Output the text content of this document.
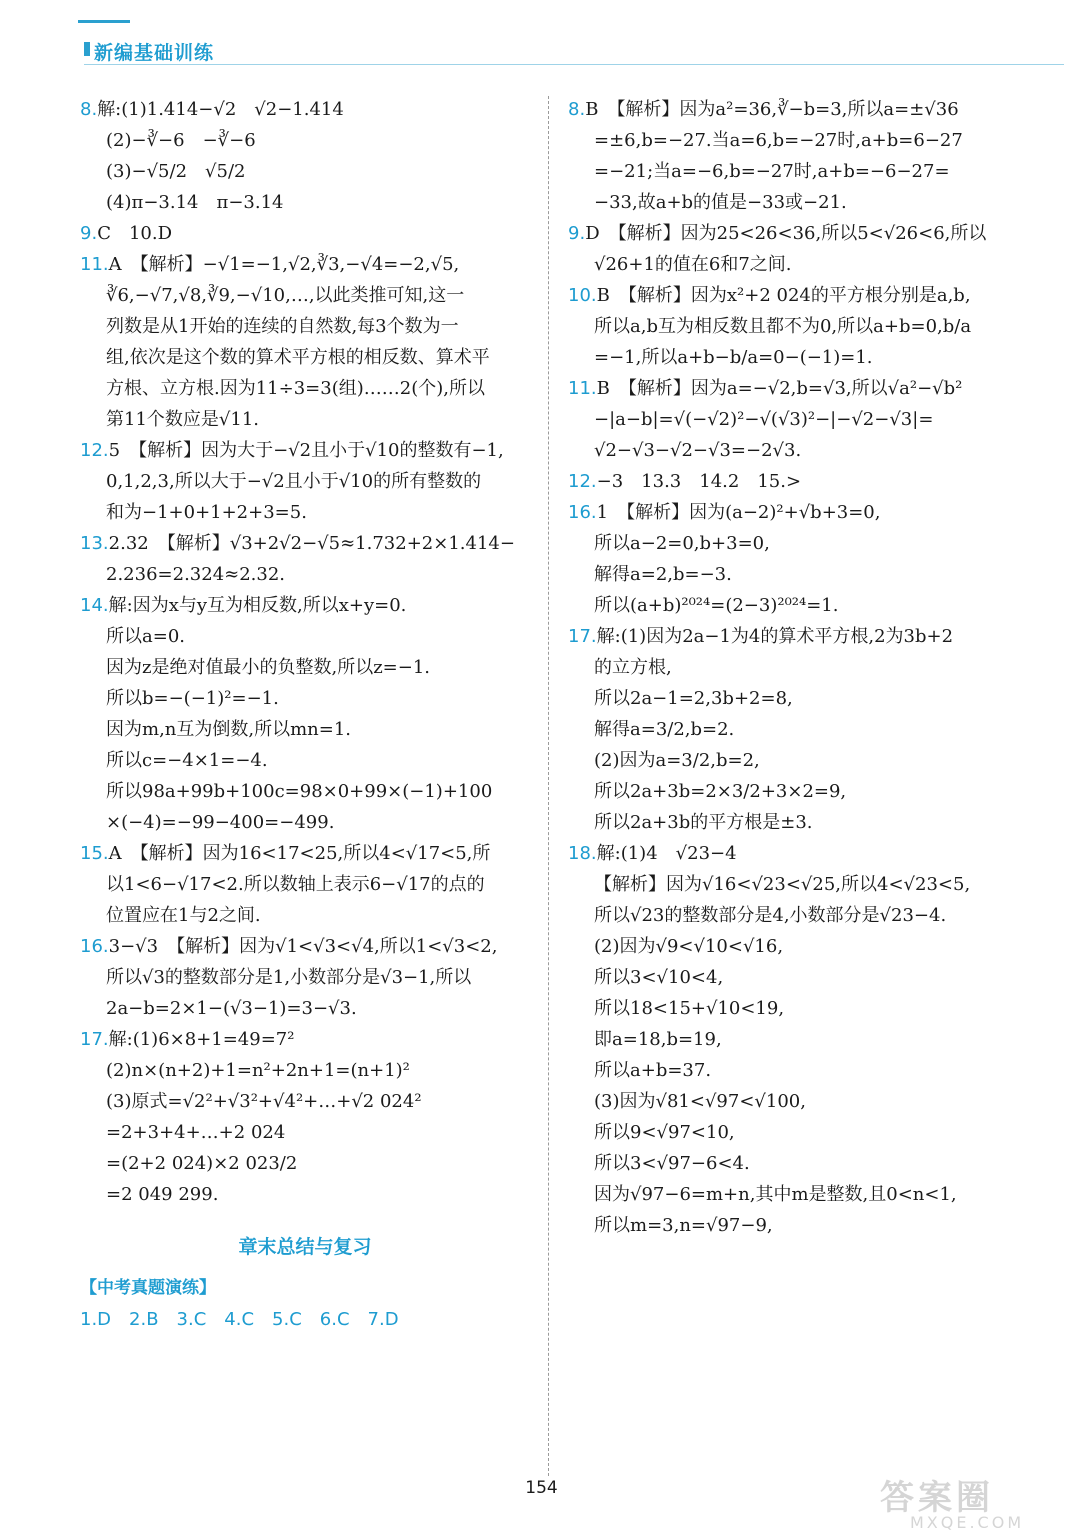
新编基础训练
8.解:(1)1.414−√2　√2−1.414
(2)−∛−6　−∛−6
(3)−√5/2　√5/2
(4)π−3.14　π−3.14
9.C　10.D
11.A　【解析】−√1=−1,√2,∛3,−√4=−2,√5,
∛6,−√7,√8,∛9,−√10,…,以此类推可知,这一
列数是从1开始的连续的自然数,每3个数为一
组,依次是这个数的算术平方根的相反数、算术平
方根、立方根.因为11÷3=3(组)……2(个),所以
第11个数应是√11.
12.5　【解析】因为大于−√2且小于√10的整数有−1,
0,1,2,3,所以大于−√2且小于√10的所有整数的
和为−1+0+1+2+3=5.
13.2.32　【解析】√3+2√2−√5≈1.732+2×1.414−
2.236=2.324≈2.32.
14.解:因为x与y互为相反数,所以x+y=0.
所以a=0.
因为z是绝对值最小的负整数,所以z=−1.
所以b=−(−1)²=−1.
因为m,n互为倒数,所以mn=1.
所以c=−4×1=−4.
所以98a+99b+100c=98×0+99×(−1)+100
×(−4)=−99−400=−499.
15.A　【解析】因为16<17<25,所以4<√17<5,所
以1<6−√17<2.所以数轴上表示6−√17的点的
位置应在1与2之间.
16.3−√3　【解析】因为√1<√3<√4,所以1<√3<2,
所以√3的整数部分是1,小数部分是√3−1,所以
2a−b=2×1−(√3−1)=3−√3.
17.解:(1)6×8+1=49=7²
(2)n×(n+2)+1=n²+2n+1=(n+1)²
(3)原式=√2²+√3²+√4²+…+√2 024²
=2+3+4+…+2 024
=(2+2 024)×2 023/2
=2 049 299.
章末总结与复习
【中考真题演练】
1.D　2.B　3.C　4.C　5.C　6.C　7.D
8.B　【解析】因为a²=36,∛−b=3,所以a=±√36
=±6,b=−27.当a=6,b=−27时,a+b=6−27
=−21;当a=−6,b=−27时,a+b=−6−27=
−33,故a+b的值是−33或−21.
9.D　【解析】因为25<26<36,所以5<√26<6,所以
√26+1的值在6和7之间.
10.B　【解析】因为x²+2 024的平方根分别是a,b,
所以a,b互为相反数且都不为0,所以a+b=0,b/a
=−1,所以a+b−b/a=0−(−1)=1.
11.B　【解析】因为a=−√2,b=√3,所以√a²−√b²
−|a−b|=√(−√2)²−√(√3)²−|−√2−√3|=
√2−√3−√2−√3=−2√3.
12.−3　13.3　14.2　15.>
16.1　【解析】因为(a−2)²+√b+3=0,
所以a−2=0,b+3=0,
解得a=2,b=−3.
所以(a+b)²⁰²⁴=(2−3)²⁰²⁴=1.
17.解:(1)因为2a−1为4的算术平方根,2为3b+2
的立方根,
所以2a−1=2,3b+2=8,
解得a=3/2,b=2.
(2)因为a=3/2,b=2,
所以2a+3b=2×3/2+3×2=9,
所以2a+3b的平方根是±3.
18.解:(1)4　√23−4
【解析】因为√16<√23<√25,所以4<√23<5,
所以√23的整数部分是4,小数部分是√23−4.
(2)因为√9<√10<√16,
所以3<√10<4,
所以18<15+√10<19,
即a=18,b=19,
所以a+b=37.
(3)因为√81<√97<√100,
所以9<√97<10,
所以3<√97−6<4.
因为√97−6=m+n,其中m是整数,且0<n<1,
所以m=3,n=√97−9,
154	答案圈
MXQE.COM
